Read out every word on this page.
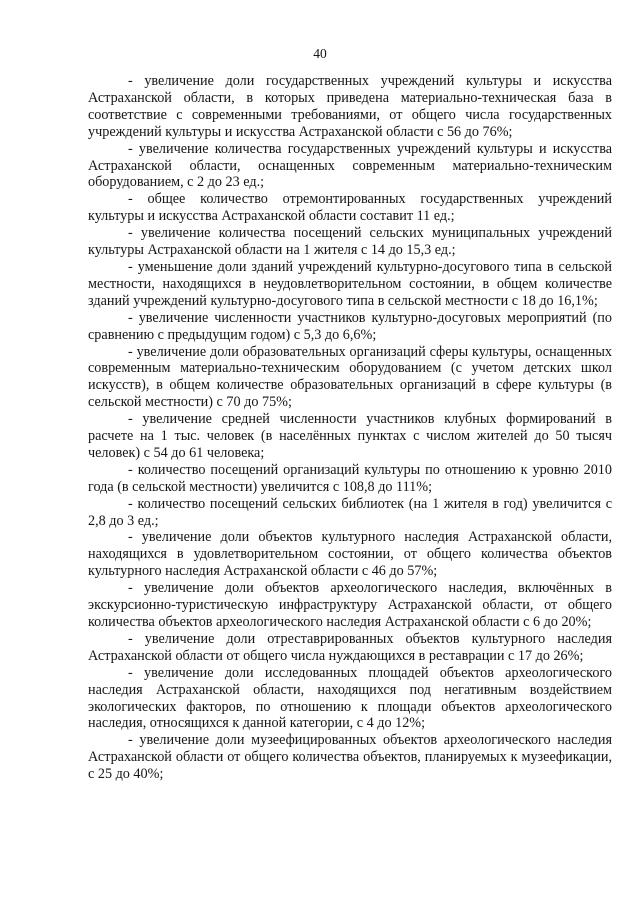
40

- увеличение доли государственных учреждений культуры и искусства Астраханской области, в которых приведена материально-техническая база в соответствие с современными требованиями, от общего числа государственных учреждений культуры и искусства Астраханской области с 56 до 76%;

- увеличение количества государственных учреждений культуры и искусства Астраханской области, оснащенных современным материально-техническим оборудованием, с 2 до 23 ед.;

- общее количество отремонтированных государственных учреждений культуры и искусства Астраханской области составит 11 ед.;

- увеличение количества посещений сельских муниципальных учреждений культуры Астраханской области на 1 жителя с 14 до 15,3 ед.;

- уменьшение доли зданий учреждений культурно-досугового типа в сельской местности, находящихся в неудовлетворительном состоянии, в общем количестве зданий учреждений культурно-досугового типа в сельской местности с 18 до 16,1%;

- увеличение численности участников культурно-досуговых мероприятий (по сравнению с предыдущим годом) с 5,3 до 6,6%;

- увеличение доли образовательных организаций сферы культуры, оснащенных современным материально-техническим оборудованием (с учетом детских школ искусств), в общем количестве образовательных организаций в сфере культуры (в сельской местности) с 70 до 75%;

- увеличение средней численности участников клубных формирований в расчете на 1 тыс. человек (в населённых пунктах с числом жителей до 50 тысяч человек) с 54 до 61 человека;

- количество посещений организаций культуры по отношению к уровню 2010 года (в сельской местности) увеличится с 108,8 до 111%;

- количество посещений сельских библиотек (на 1 жителя в год) увеличится с 2,8 до 3 ед.;

- увеличение доли объектов культурного наследия Астраханской области, находящихся в удовлетворительном состоянии, от общего количества объектов культурного наследия Астраханской области с 46 до 57%;

- увеличение доли объектов археологического наследия, включённых в экскурсионно-туристическую инфраструктуру Астраханской области, от общего количества объектов археологического наследия Астраханской области с 6 до 20%;

- увеличение доли отреставрированных объектов культурного наследия Астраханской области от общего числа нуждающихся в реставрации с 17 до 26%;

- увеличение доли исследованных площадей объектов археологического наследия Астраханской области, находящихся под негативным воздействием экологических факторов, по отношению к площади объектов археологического наследия, относящихся к данной категории, с 4 до 12%;

- увеличение доли музеефицированных объектов археологического наследия Астраханской области от общего количества объектов, планируемых к музеефикации, с 25 до 40%;
